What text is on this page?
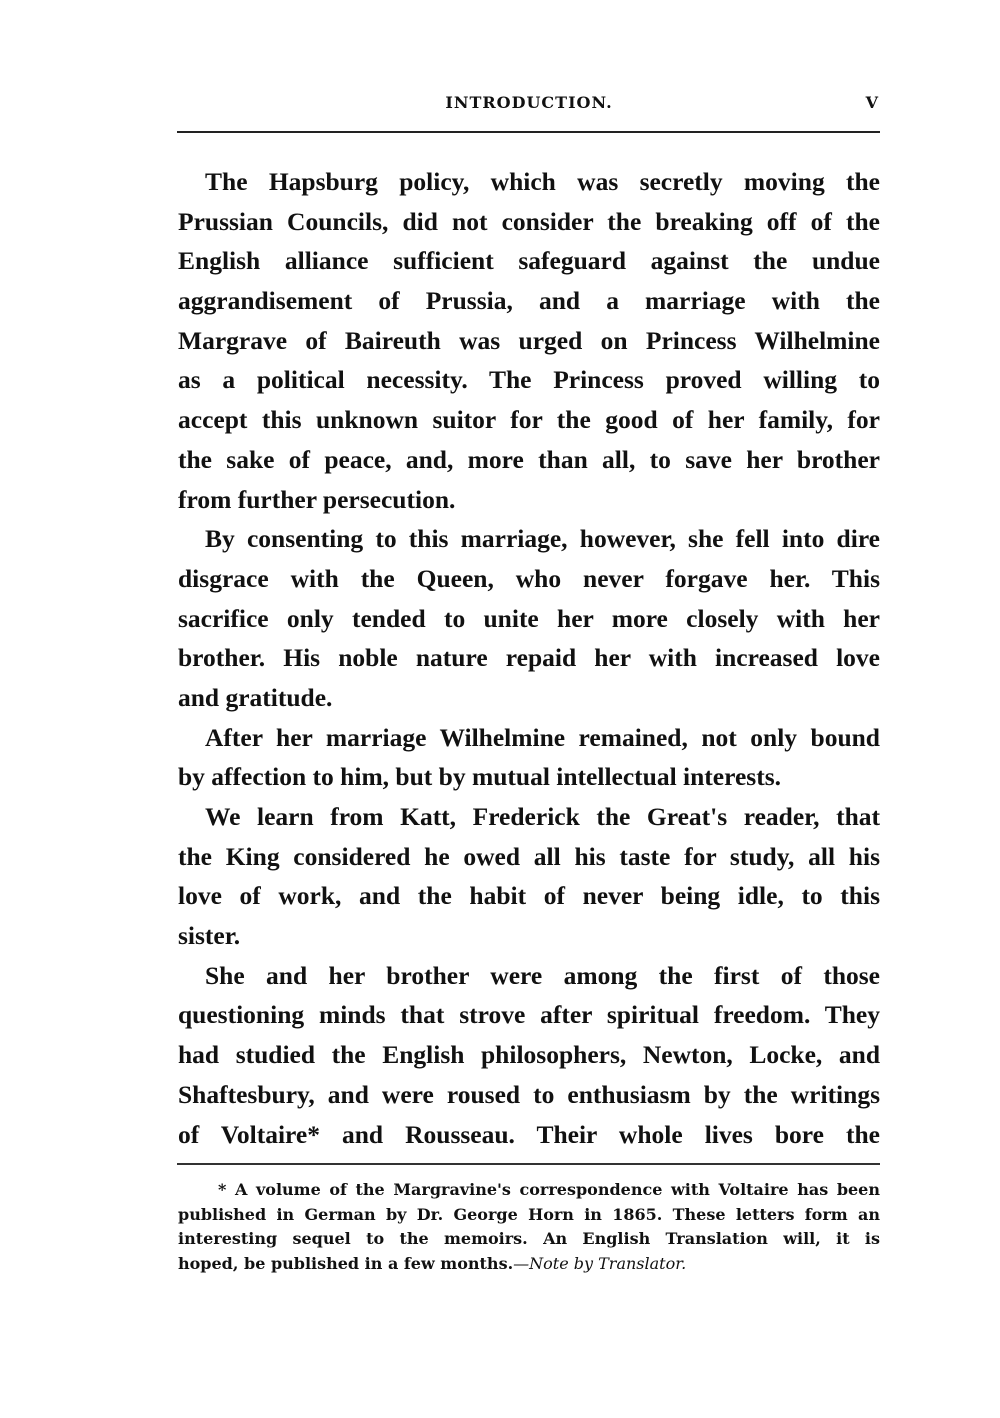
INTRODUCTION.	V
The Hapsburg policy, which was secretly moving the
Prussian Councils, did not consider the breaking off of the
English alliance sufficient safeguard against the undue
aggrandisement of Prussia, and a marriage with the
Margrave of Baireuth was urged on Princess Wilhelmine
as a political necessity. The Princess proved willing to
accept this unknown suitor for the good of her family, for
the sake of peace, and, more than all, to save her brother
from further persecution.
By consenting to this marriage, however, she fell into dire
disgrace with the Queen, who never forgave her. This
sacrifice only tended to unite her more closely with her
brother. His noble nature repaid her with increased love
and gratitude.
After her marriage Wilhelmine remained, not only bound
by affection to him, but by mutual intellectual interests.
We learn from Katt, Frederick the Great's reader, that
the King considered he owed all his taste for study, all his
love of work, and the habit of never being idle, to this
sister.
She and her brother were among the first of those
questioning minds that strove after spiritual freedom. They
had studied the English philosophers, Newton, Locke, and
Shaftesbury, and were roused to enthusiasm by the writings
of Voltaire* and Rousseau. Their whole lives bore the
* A volume of the Margravine's correspondence with Voltaire has been
published in German by Dr. George Horn in 1865. These letters form an
interesting sequel to the memoirs. An English Translation will, it is
hoped, be published in a few months.—Note by Translator.
